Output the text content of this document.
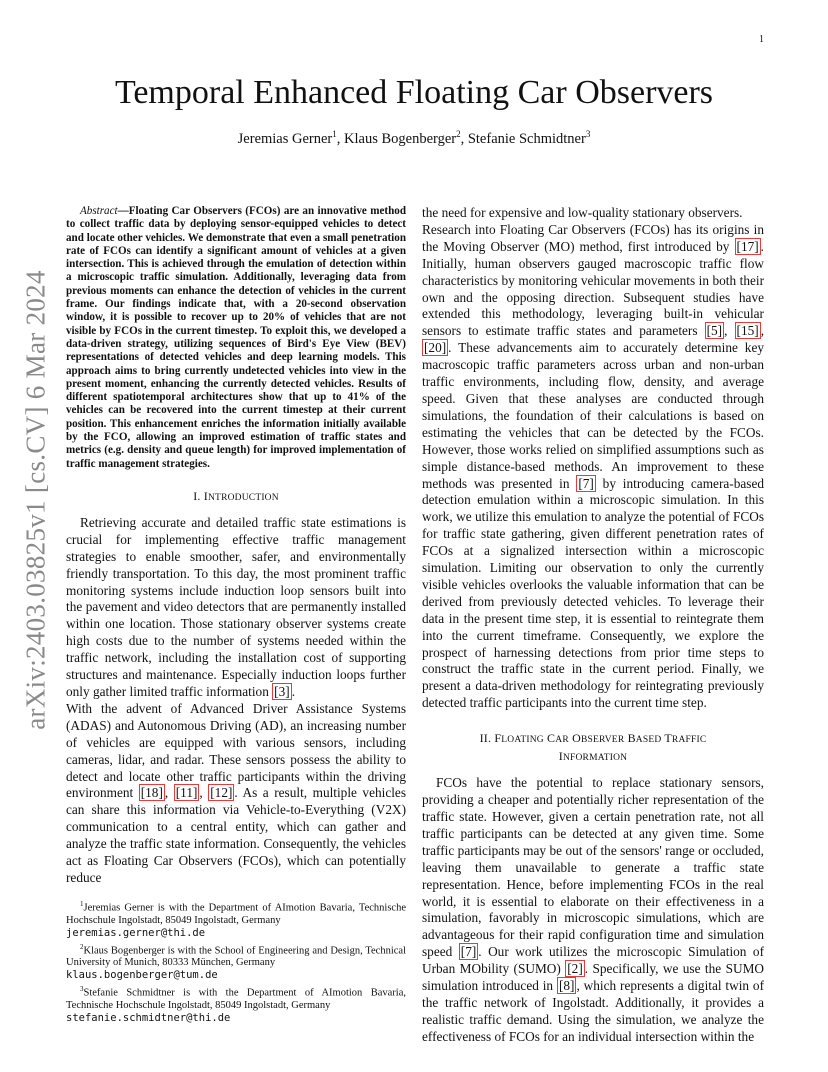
1
arXiv:2403.03825v1 [cs.CV] 6 Mar 2024
Temporal Enhanced Floating Car Observers
Jeremias Gerner$^1$, Klaus Bogenberger$^2$, Stefanie Schmidtner$^3$

Abstract—Floating Car Observers (FCOs) are an innovative method to collect traffic data by deploying sensor-equipped vehicles to detect and locate other vehicles. We demonstrate that even a small penetration rate of FCOs can identify a significant amount of vehicles at a given intersection. This is achieved through the emulation of detection within a microscopic traffic simulation. Additionally, leveraging data from previous moments can enhance the detection of vehicles in the current frame. Our findings indicate that, with a 20-second observation window, it is possible to recover up to 20% of vehicles that are not visible by FCOs in the current timestep. To exploit this, we developed a data-driven strategy, utilizing sequences of Bird's Eye View (BEV) representations of detected vehicles and deep learning models. This approach aims to bring currently undetected vehicles into view in the present moment, enhancing the currently detected vehicles. Results of different spatiotemporal architectures show that up to 41% of the vehicles can be recovered into the current timestep at their current position. This enhancement enriches the information initially available by the FCO, allowing an improved estimation of traffic states and metrics (e.g. density and queue length) for improved implementation of traffic management strategies.

I. INTRODUCTION

Retrieving accurate and detailed traffic state estimations is crucial for implementing effective traffic management strategies to enable smoother, safer, and environmentally friendly transportation. To this day, the most prominent traffic monitoring systems include induction loop sensors built into the pavement and video detectors that are permanently installed within one location. Those stationary observer systems create high costs due to the number of systems needed within the traffic network, including the installation cost of supporting structures and maintenance. Especially induction loops further only gather limited traffic information [3] .

With the advent of Advanced Driver Assistance Systems (ADAS) and Autonomous Driving (AD), an increasing number of vehicles are equipped with various sensors, including cameras, lidar, and radar. These sensors possess the ability to detect and locate other traffic participants within the driving environment [18] , [11] , [12] . As a result, multiple vehicles can share this information via Vehicle-to-Everything (V2X) communication to a central entity, which can gather and analyze the traffic state information. Consequently, the vehicles act as Floating Car Observers (FCOs), which can potentially reduce

$^1$Jeremias Gerner is with the Department of AImotion Bavaria, Technische Hochschule Ingolstadt, 85049 Ingolstadt, Germany
jeremias.gerner@thi.de
$^2$Klaus Bogenberger is with the School of Engineering and Design, Technical University of Munich, 80333 München, Germany
klaus.bogenberger@tum.de
$^3$Stefanie Schmidtner is with the Department of AImotion Bavaria, Technische Hochschule Ingolstadt, 85049 Ingolstadt, Germany
stefanie.schmidtner@thi.de

the need for expensive and low-quality stationary observers.

Research into Floating Car Observers (FCOs) has its origins in the Moving Observer (MO) method, first introduced by [17] . Initially, human observers gauged macroscopic traffic flow characteristics by monitoring vehicular movements in both their own and the opposing direction. Subsequent studies have extended this methodology, leveraging built-in vehicular sensors to estimate traffic states and parameters [5] , [15] , [20] . These advancements aim to accurately determine key macroscopic traffic parameters across urban and non-urban traffic environments, including flow, density, and average speed. Given that these analyses are conducted through simulations, the foundation of their calculations is based on estimating the vehicles that can be detected by the FCOs. However, those works relied on simplified assumptions such as simple distance-based methods. An improvement to these methods was presented in [7] by introducing camera-based detection emulation within a microscopic simulation. In this work, we utilize this emulation to analyze the potential of FCOs for traffic state gathering, given different penetration rates of FCOs at a signalized intersection within a microscopic simulation. Limiting our observation to only the currently visible vehicles overlooks the valuable information that can be derived from previously detected vehicles. To leverage their data in the present time step, it is essential to reintegrate them into the current timeframe. Consequently, we explore the prospect of harnessing detections from prior time steps to construct the traffic state in the current period. Finally, we present a data-driven methodology for reintegrating previously detected traffic participants into the current time step.

II. FLOATING CAR OBSERVER BASED TRAFFIC
INFORMATION

FCOs have the potential to replace stationary sensors, providing a cheaper and potentially richer representation of the traffic state. However, given a certain penetration rate, not all traffic participants can be detected at any given time. Some traffic participants may be out of the sensors' range or occluded, leaving them unavailable to generate a traffic state representation. Hence, before implementing FCOs in the real world, it is essential to elaborate on their effectiveness in a simulation, favorably in microscopic simulations, which are advantageous for their rapid configuration time and simulation speed [7] . Our work utilizes the microscopic Simulation of Urban MObility (SUMO) [2] . Specifically, we use the SUMO simulation introduced in [8] , which represents a digital twin of the traffic network of Ingolstadt. Additionally, it provides a realistic traffic demand. Using the simulation, we analyze the effectiveness of FCOs for an individual intersection within the
